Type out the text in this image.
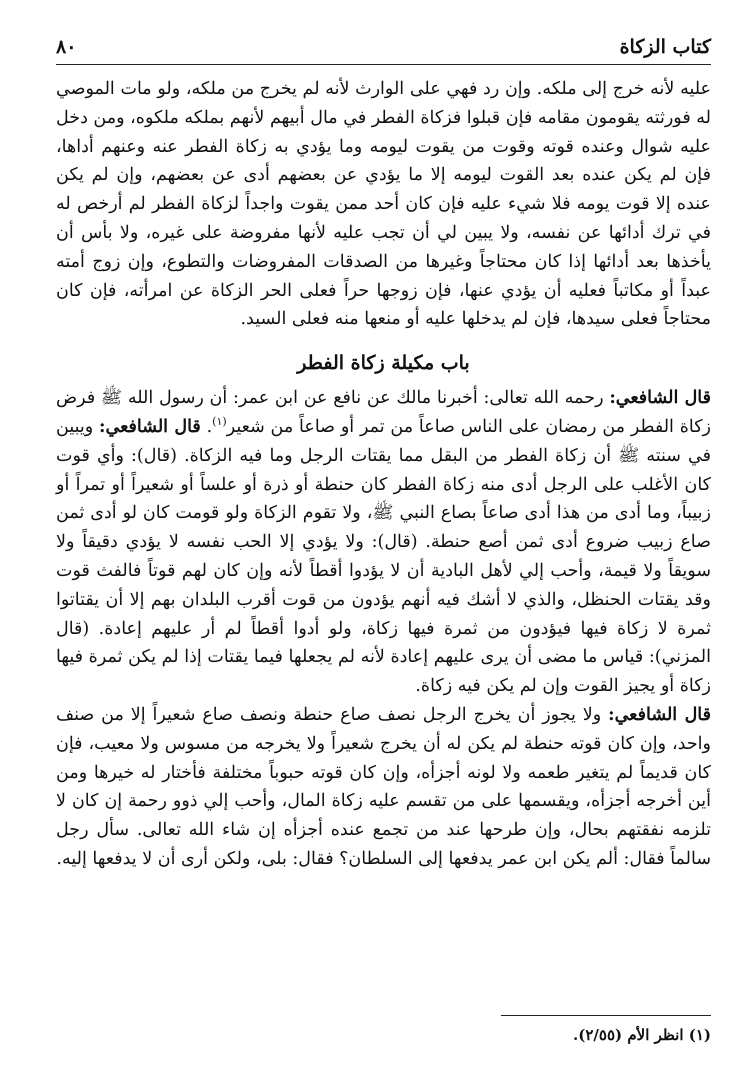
كتاب الزكاة
٨٠

عليه لأنه خرج إلى ملكه. وإن رد فهي على الوارث لأنه لم يخرج من ملكه، ولو مات الموصي له فورثته يقومون مقامه فإن قبلوا فزكاة الفطر في مال أبيهم لأنهم بملكه ملكوه، ومن دخل عليه شوال وعنده قوته وقوت من يقوت ليومه وما يؤدي به زكاة الفطر عنه وعنهم أداها، فإن لم يكن عنده بعد القوت ليومه إلا ما يؤدي عن بعضهم أدى عن بعضهم، وإن لم يكن عنده إلا قوت يومه فلا شيء عليه فإن كان أحد ممن يقوت واجداً لزكاة الفطر لم أرخص له في ترك أدائها عن نفسه، ولا يبين لي أن تجب عليه لأنها مفروضة على غيره، ولا بأس أن يأخذها بعد أدائها إذا كان محتاجاً وغيرها من الصدقات المفروضات والتطوع، وإن زوج أمته عبداً أو مكاتباً فعليه أن يؤدي عنها، فإن زوجها حراً فعلى الحر الزكاة عن امرأته، فإن كان محتاجاً فعلى سيدها، فإن لم يدخلها عليه أو منعها منه فعلى السيد.

باب مكيلة زكاة الفطر
قال الشافعي: رحمه الله تعالى: أخبرنا مالك عن نافع عن ابن عمر: أن رسول الله ﷺ فرض زكاة الفطر من رمضان على الناس صاعاً من تمر أو صاعاً من شعير$^{(١)}$. قال الشافعي: ويبين في سنته ﷺ أن زكاة الفطر من البقل مما يقتات الرجل وما فيه الزكاة. (قال): وأي قوت كان الأغلب على الرجل أدى منه زكاة الفطر كان حنطة أو ذرة أو علساً أو شعيراً أو تمراً أو زبيباً، وما أدى من هذا أدى صاعاً بصاع النبي ﷺ، ولا تقوم الزكاة ولو قومت كان لو أدى ثمن صاع زبيب ضروع أدى ثمن أصع حنطة. (قال): ولا يؤدي إلا الحب نفسه لا يؤدي دقيقاً ولا سويقاً ولا قيمة، وأحب إلي لأهل البادية أن لا يؤدوا أقطاً لأنه وإن كان لهم قوتاً فالفث قوت وقد يقتات الحنظل، والذي لا أشك فيه أنهم يؤدون من قوت أقرب البلدان بهم إلا أن يقتاتوا ثمرة لا زكاة فيها فيؤدون من ثمرة فيها زكاة، ولو أدوا أقطاً لم أر عليهم إعادة. (قال المزني): قياس ما مضى أن يرى عليهم إعادة لأنه لم يجعلها فيما يقتات إذا لم يكن ثمرة فيها زكاة أو يجيز القوت وإن لم يكن فيه زكاة.
قال الشافعي: ولا يجوز أن يخرج الرجل نصف صاع حنطة ونصف صاع شعيراً إلا من صنف واحد، وإن كان قوته حنطة لم يكن له أن يخرج شعيراً ولا يخرجه من مسوس ولا معيب، فإن كان قديماً لم يتغير طعمه ولا لونه أجزأه، وإن كان قوته حبوباً مختلفة فأختار له خيرها ومن أين أخرجه أجزأه، ويقسمها على من تقسم عليه زكاة المال، وأحب إلي ذوو رحمة إن كان لا تلزمه نفقتهم بحال، وإن طرحها عند من تجمع عنده أجزأه إن شاء الله تعالى. سأل رجل سالماً فقال: ألم يكن ابن عمر يدفعها إلى السلطان؟ فقال: بلى، ولكن أرى أن لا يدفعها إليه.
(١) انظر الأم (٢/٥٥).
